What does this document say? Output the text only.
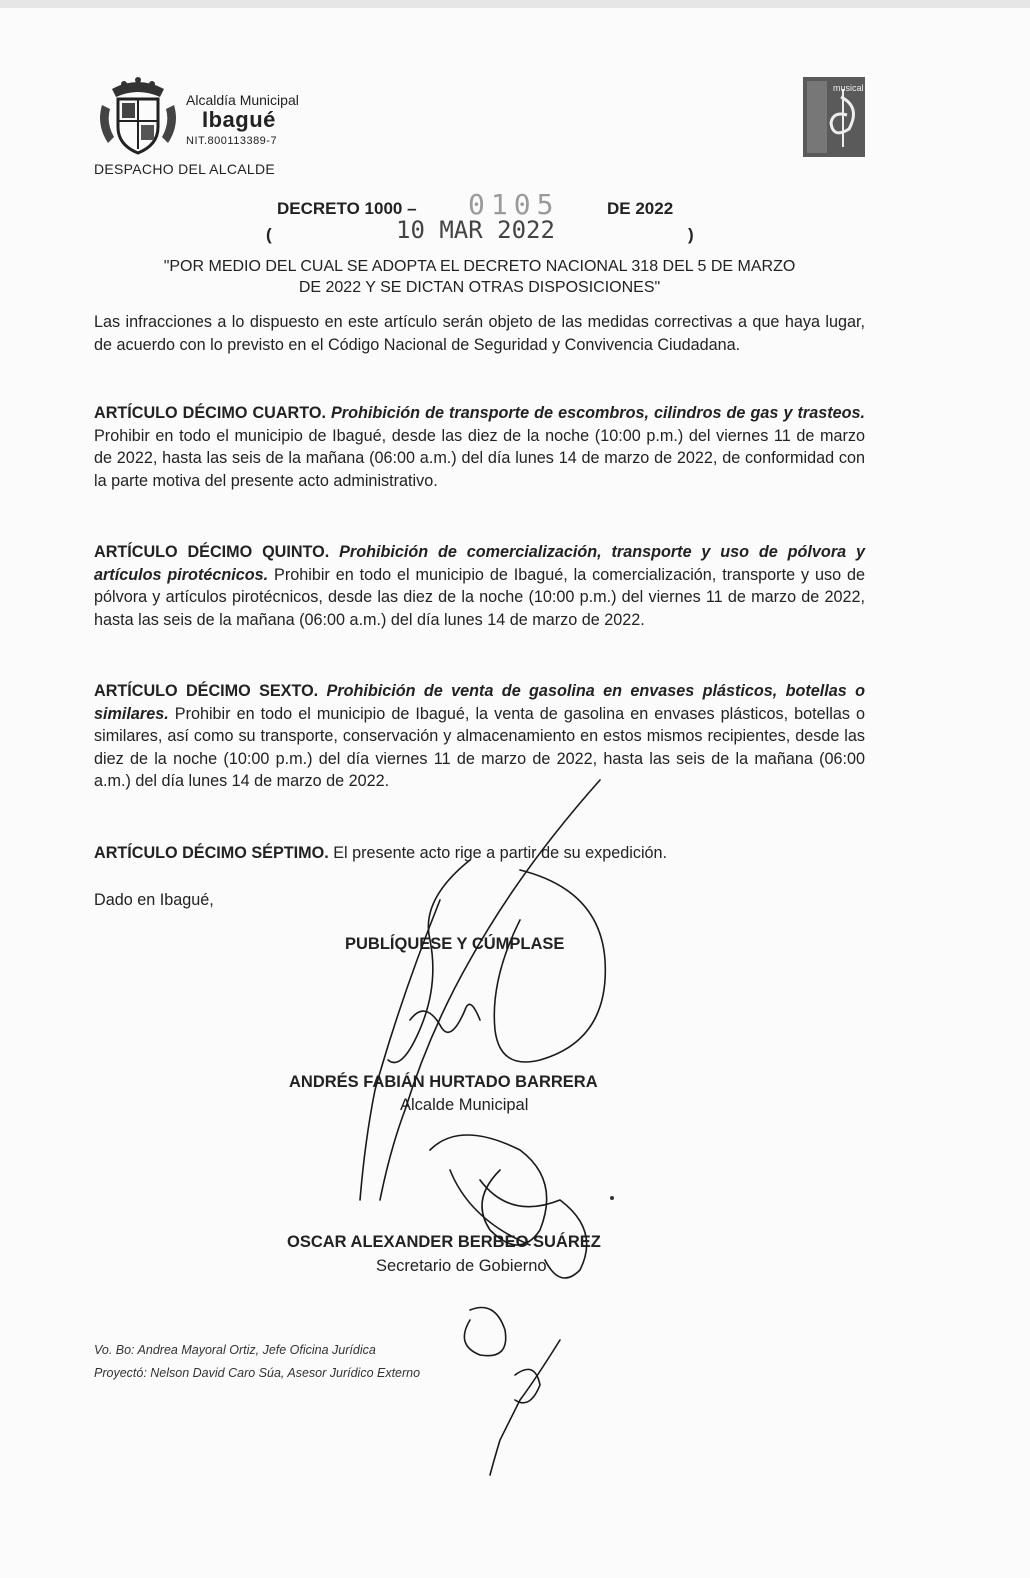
Alcaldía Municipal
Ibagué
NIT.800113389-7
DESPACHO DEL ALCALDE
musical
DECRETO 1000 – 0105	DE 2022
(	10 MAR 2022	)
"POR MEDIO DEL CUAL SE ADOPTA EL DECRETO NACIONAL 318 DEL 5 DE MARZO
DE 2022 Y SE DICTAN OTRAS DISPOSICIONES"
Las infracciones a lo dispuesto en este artículo serán objeto de las medidas correctivas a que haya lugar, de acuerdo con lo previsto en el Código Nacional de Seguridad y Convivencia Ciudadana.
ARTÍCULO DÉCIMO CUARTO. Prohibición de transporte de escombros, cilindros de gas y trasteos. Prohibir en todo el municipio de Ibagué, desde las diez de la noche (10:00 p.m.) del viernes 11 de marzo de 2022, hasta las seis de la mañana (06:00 a.m.) del día lunes 14 de marzo de 2022, de conformidad con la parte motiva del presente acto administrativo.
ARTÍCULO DÉCIMO QUINTO. Prohibición de comercialización, transporte y uso de pólvora y artículos pirotécnicos. Prohibir en todo el municipio de Ibagué, la comercialización, transporte y uso de pólvora y artículos pirotécnicos, desde las diez de la noche (10:00 p.m.) del viernes 11 de marzo de 2022, hasta las seis de la mañana (06:00 a.m.) del día lunes 14 de marzo de 2022.
ARTÍCULO DÉCIMO SEXTO. Prohibición de venta de gasolina en envases plásticos, botellas o similares. Prohibir en todo el municipio de Ibagué, la venta de gasolina en envases plásticos, botellas o similares, así como su transporte, conservación y almacenamiento en estos mismos recipientes, desde las diez de la noche (10:00 p.m.) del día viernes 11 de marzo de 2022, hasta las seis de la mañana (06:00 a.m.) del día lunes 14 de marzo de 2022.
ARTÍCULO DÉCIMO SÉPTIMO. El presente acto rige a partir de su expedición.
Dado en Ibagué,
PUBLÍQUESE Y CÚMPLASE
ANDRÉS FABIÁN HURTADO BARRERA
Alcalde Municipal
OSCAR ALEXANDER BERBEO SUÁREZ
Secretario de Gobierno
Vo. Bo: Andrea Mayoral Ortiz, Jefe Oficina Jurídica
Proyectó: Nelson David Caro Súa, Asesor Jurídico Externo
